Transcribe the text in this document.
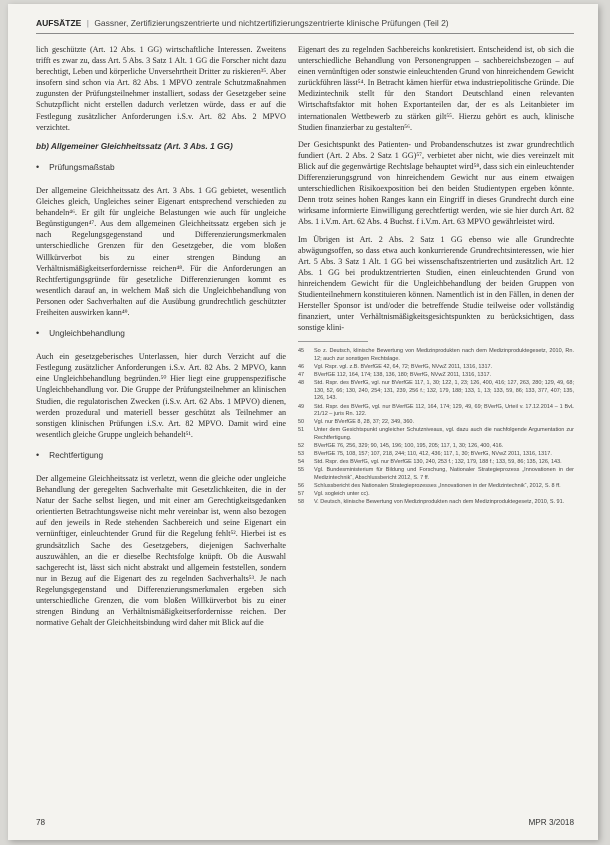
AUFSÄTZE | Gassner, Zertifizierungszentrierte und nichtzertifizierungszentrierte klinische Prüfungen (Teil 2)

lich geschützte (Art. 12 Abs. 1 GG) wirtschaftliche Interessen. Zweitens trifft es zwar zu, dass Art. 5 Abs. 3 Satz 1 Alt. 1 GG die Forscher nicht dazu berechtigt, Leben und körperliche Unversehrtheit Dritter zu riskieren³⁵. Aber insofern sind schon via Art. 82 Abs. 1 MPVO zentrale Schutzmaßnahmen zugunsten der Prüfungsteilnehmer installiert, sodass der Gesetzgeber seine Schutzpflicht nicht erstellen dadurch verletzen würde, dass er auf die Festlegung zusätzlicher Anforderungen i.S.v. Art. 82 Abs. 2 MPVO verzichtet.

bb) Allgemeiner Gleichheitssatz (Art. 3 Abs. 1 GG)
• Prüfungsmaßstab

Der allgemeine Gleichheitssatz des Art. 3 Abs. 1 GG gebietet, wesentlich Gleiches gleich, Ungleiches seiner Eigenart entsprechend verschieden zu behandeln⁴⁶. Er gilt für ungleiche Belastungen wie auch für ungleiche Begünstigungen⁴⁷. Aus dem allgemeinen Gleichheitssatz ergeben sich je nach Regelungsgegenstand und Differenzierungsmerkmalen unterschiedliche Grenzen für den Gesetzgeber, die vom bloßen Willkürverbot bis zu einer strengen Bindung an Verhältnismäßigkeitserfordernisse reichen⁴⁸. Für die Anforderungen an Rechtfertigungsgründe für gesetzliche Differenzierungen kommt es wesentlich darauf an, in welchem Maß sich die Ungleichbehandlung von Personen oder Sachverhalten auf die Ausübung grundrechtlich geschützter Freiheiten auswirken kann⁴⁹.

• Ungleichbehandlung

Auch ein gesetzgeberisches Unterlassen, hier durch Verzicht auf die Festlegung zusätzlicher Anforderungen i.S.v. Art. 82 Abs. 2 MPVO, kann eine Ungleichbehandlung begründen.⁵⁰ Hier liegt eine gruppenspezifische Ungleichbehandlung vor. Die Gruppe der Prüfungsteilnehmer an klinischen Studien, die regulatorischen Zwecken (i.S.v. Art. 62 Abs. 1 MPVO) dienen, werden prozedural und materiell besser geschützt als Teilnehmer an sonstigen klinischen Prüfungen i.S.v. Art. 82 MPVO. Damit wird eine wesentlich gleiche Gruppe ungleich behandelt⁵¹.

• Rechtfertigung

Der allgemeine Gleichheitssatz ist verletzt, wenn die gleiche oder ungleiche Behandlung der geregelten Sachverhalte mit Gesetzlichkeiten, die in der Natur der Sache selbst liegen, und mit einer am Gerechtigkeitsgedanken orientierten Betrachtungsweise nicht mehr vereinbar ist, wenn also bezogen auf den jeweils in Rede stehenden Sachbereich und seine Eigenart ein vernünftiger, einleuchtender Grund für die Regelung fehlt⁵². Hierbei ist es grundsätzlich Sache des Gesetzgebers, diejenigen Sachverhalte auszuwählen, an die er dieselbe Rechtsfolge knüpft. Ob die Auswahl sachgerecht ist, lässt sich nicht abstrakt und allgemein feststellen, sondern nur in Bezug auf die Eigenart des zu regelnden Sachverhalts⁵³. Je nach Regelungsgegenstand und Differenzierungsmerkmalen ergeben sich unterschiedliche Grenzen, die vom bloßen Willkürverbot bis zu einer strengen Bindung an Verhältnismäßigkeitserfordernisse reichen. Der normative Gehalt der Gleichheitsbindung wird daher mit Blick auf die

Eigenart des zu regelnden Sachbereichs konkretisiert. Entscheidend ist, ob sich die unterschiedliche Behandlung von Personengruppen – sachbereichsbezogen – auf einen vernünftigen oder sonstwie einleuchtenden Grund von hinreichendem Gewicht zurückführen lässt⁵⁴. In Betracht kämen hierfür etwa industriepolitische Gründe. Die Medizintechnik stellt für den Standort Deutschland einen relevanten Wirtschaftsfaktor mit hohen Exportanteilen dar, der es als Leitanbieter im internationalen Wettbewerb zu stärken gilt⁵⁵. Hierzu gehört es auch, klinische Studien finanzierbar zu gestalten⁵⁶.

Der Gesichtspunkt des Patienten- und Probandenschutzes ist zwar grundrechtlich fundiert (Art. 2 Abs. 2 Satz 1 GG)⁵⁷, verbietet aber nicht, wie dies vereinzelt mit Blick auf die gegenwärtige Rechtslage behauptet wird⁵⁸, dass sich ein einleuchtender Differenzierungsgrund von hinreichendem Gewicht nur aus einem etwaigen unterschiedlichen Risikoexposition bei den beiden Studientypen ergeben könnte. Denn trotz seines hohen Ranges kann ein Eingriff in dieses Grundrecht durch eine wirksame informierte Einwilligung gerechtfertigt werden, wie sie hier durch Art. 82 Abs. 1 i.V.m. Art. 62 Abs. 4 Buchst. f i.V.m. Art. 63 MPVO gewährleistet wird.

Im Übrigen ist Art. 2 Abs. 2 Satz 1 GG ebenso wie alle Grundrechte abwägungsoffen, so dass etwa auch konkurrierende Grundrechtsinteressen, wie hier Art. 5 Abs. 3 Satz 1 Alt. 1 GG bei wissenschaftszentrierten und zusätzlich Art. 12 Abs. 1 GG bei produktzentrierten Studien, einen einleuchtenden Grund von hinreichendem Gewicht für die Ungleichbehandlung der beiden Gruppen von Studienteilnehmern konstituieren können. Namentlich ist in den Fällen, in denen der Hersteller Sponsor ist und/oder die betreffende Studie teilweise oder vollständig finanziert, unter Verhältnismäßigkeitsgesichtspunkten zu berücksichtigen, dass sonstige klini-

45	So z. Deutsch, klinische Bewertung von Medizinprodukten nach dem Medizinproduktegesetz, 2010, Rn. 12; auch zur sonstigen Rechtslage.
46	Vgl. Rspr. vgl. z.B. BVerfGE 42, 64, 72; BVerfG, NVwZ 2011, 1316, 1317.
47	BVerfGE 112, 164, 174; 138, 136, 180; BVerfG, NVwZ 2011, 1316, 1317.
48	Std. Rspr. des BVerfG, vgl. nur BVerfGE 117, 1, 30; 122, 1, 23; 126, 400, 416; 127, 263, 280; 129, 49, 68; 130, 52, 66; 130, 240, 254; 131, 239, 256 f.; 132, 179, 188; 133, 1, 13; 133, 59, 86; 133, 377, 407; 135, 126, 143.
49	Std. Rspr. des BVerfG, vgl. nur BVerfGE 112, 164, 174; 129, 49, 69; BVerfG, Urteil v. 17.12.2014 – 1 BvL 21/12 – juris Rn. 122.
50	Vgl. nur BVerfGE 8, 28, 37; 22, 349, 360.
51	Unter dem Gesichtspunkt ungleicher Schutzniveaus, vgl. dazu auch die nachfolgende Argumentation zur Rechtfertigung.
52	BVerfGE 76, 256, 329; 90, 145, 196; 100, 195, 205; 117, 1, 30; 126, 400, 416.
53	BVerfGE 75, 108, 157; 107, 218, 244; 110, 412, 436; 117, 1, 30; BVerfG, NVwZ 2011, 1316, 1317.
54	Std. Rspr. des BVerfG, vgl. nur BVerfGE 130, 240, 253 f.; 132, 179, 188 f.; 133, 59, 86; 135, 126, 143.
55	Vgl. Bundesministerium für Bildung und Forschung, Nationaler Strategieprozess „Innovationen in der Medizintechnik“, Abschlussbericht 2012, S. 7 ff.
56	Schlussbericht des Nationalen Strategieprozesses „Innovationen in der Medizintechnik“, 2012, S. 8 ff.
57	Vgl. sogleich unter cc).
58	V. Deutsch, klinische Bewertung von Medizinprodukten nach dem Medizinproduktegesetz, 2010, S. 91.
78	MPR 3/2018
